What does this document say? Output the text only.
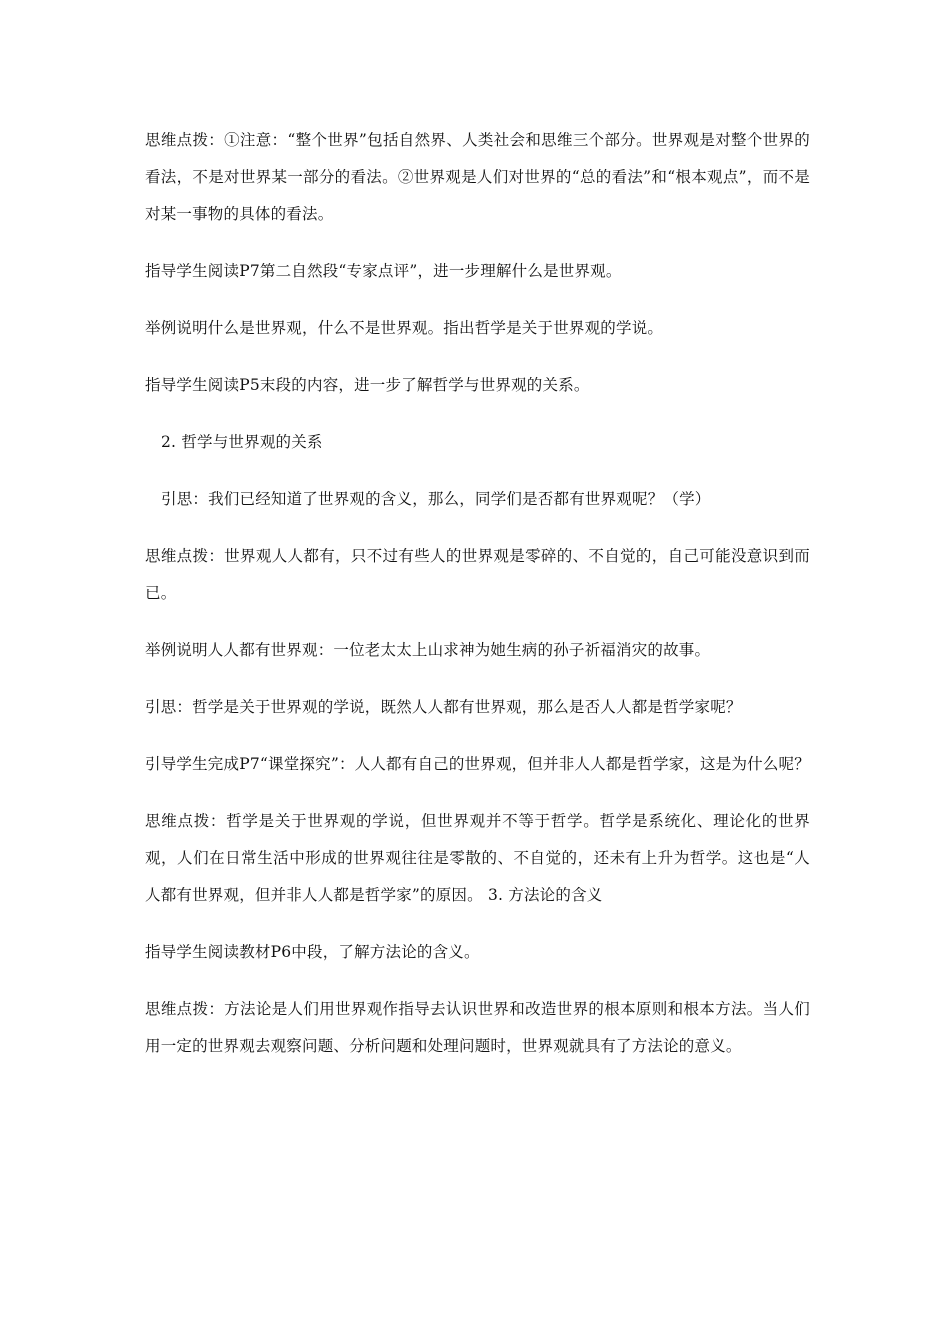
思维点拨：①注意：“整个世界”包括自然界、人类社会和思维三个部分。世界观是对整个世界的看法，不是对世界某一部分的看法。②世界观是人们对世界的“总的看法”和“根本观点”，而不是对某一事物的具体的看法。

指导学生阅读P7第二自然段“专家点评”，进一步理解什么是世界观。

举例说明什么是世界观，什么不是世界观。指出哲学是关于世界观的学说。

指导学生阅读P5末段的内容，进一步了解哲学与世界观的关系。

2. 哲学与世界观的关系

引思：我们已经知道了世界观的含义，那么，同学们是否都有世界观呢？（学）

思维点拨：世界观人人都有，只不过有些人的世界观是零碎的、不自觉的，自己可能没意识到而已。

举例说明人人都有世界观：一位老太太上山求神为她生病的孙子祈福消灾的故事。

引思：哲学是关于世界观的学说，既然人人都有世界观，那么是否人人都是哲学家呢？

引导学生完成P7“课堂探究”：人人都有自己的世界观，但并非人人都是哲学家，这是为什么呢？

思维点拨：哲学是关于世界观的学说，但世界观并不等于哲学。哲学是系统化、理论化的世界观，人们在日常生活中形成的世界观往往是零散的、不自觉的，还未有上升为哲学。这也是“人人都有世界观，但并非人人都是哲学家”的原因。 3. 方法论的含义

指导学生阅读教材P6中段，了解方法论的含义。

思维点拨：方法论是人们用世界观作指导去认识世界和改造世界的根本原则和根本方法。当人们用一定的世界观去观察问题、分析问题和处理问题时，世界观就具有了方法论的意义。
